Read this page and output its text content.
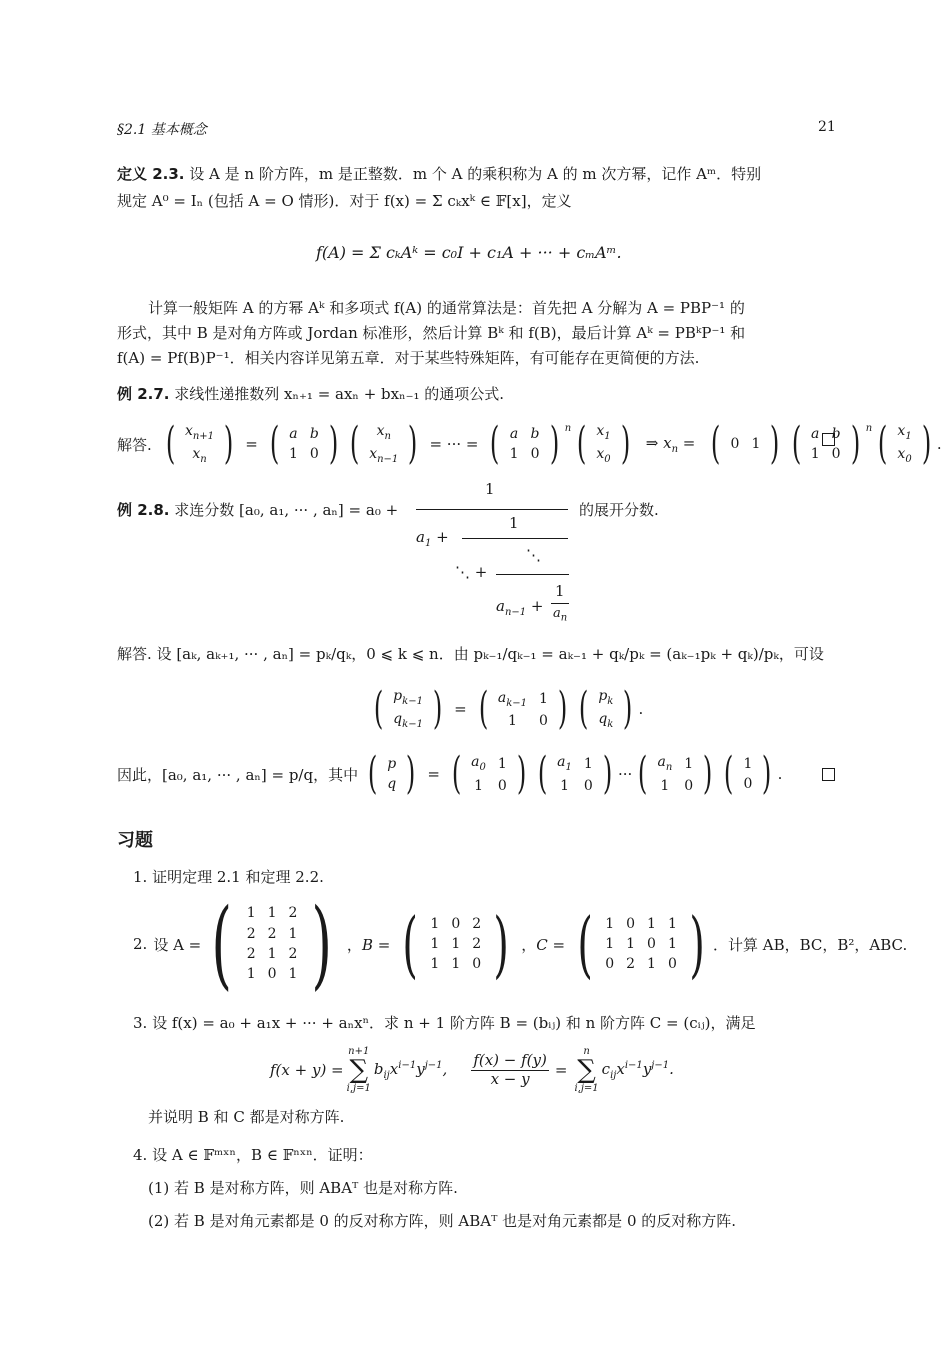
§2.1 基本概念	21
定义 2.3. 设 A 是 n 阶方阵，m 是正整数．m 个 A 的乘积称为 A 的 m 次方幂，记作 Aᵐ．特别
规定 A⁰ = Iₙ (包括 A = O 情形)．对于 f(x) = Σ cₖxᵏ ∈ 𝔽[x]，定义
f(A) = Σ cₖAᵏ = c₀I + c₁A + ··· + cₘAᵐ.
计算一般矩阵 A 的方幂 Aᵏ 和多项式 f(A) 的通常算法是：首先把 A 分解为 A = PBP⁻¹ 的
形式，其中 B 是对角方阵或 Jordan 标准形，然后计算 Bᵏ 和 f(B)，最后计算 Aᵏ = PBᵏP⁻¹ 和
f(A) = Pf(B)P⁻¹．相关内容详见第五章．对于某些特殊矩阵，有可能存在更简便的方法.
例 2.7. 求线性递推数列 xₙ₊₁ = axₙ + bxₙ₋₁ 的通项公式.
解答. ( $x_{n+1}$
$x_n$ ) = ( a	b
1	0 ) ( $x_n$
$x_{n-1}$ ) = ··· = ( a	b
1	0 ) $^n$ ( $x_1$
$x_0$ ) ⇒ $x_n$ = ( 0	1 ) ( a	b
1	0 ) $^n$ ( $x_1$
$x_0$ ) .
例 2.8. 求连分数 [a₀, a₁, ··· , aₙ] = a₀ +
1
的展开分数.
1
$a_1$ +
⋱
⋱ +
$a_{n-1}$ +
1
$a_n$
解答. 设 [aₖ, aₖ₊₁, ··· , aₙ] = pₖ/qₖ，0 ⩽ k ⩽ n．由 pₖ₋₁/qₖ₋₁ = aₖ₋₁ + qₖ/pₖ = (aₖ₋₁pₖ + qₖ)/pₖ，可设
( $p_{k-1}$
$q_{k-1}$ ) = ( $a_{k-1}$	1
1	0 ) ( $p_k$
$q_k$ ) .
因此，[a₀, a₁, ··· , aₙ] = p/q，其中 ( p
q ) = ( $a_0$	1
1	0 ) ( $a_1$	1
1	0 ) ··· ( $a_n$	1
1	0 ) ( 1
0 ) .
习题
1. 证明定理 2.1 和定理 2.2.
2. 设 A = ( 1	1	2
2	2	1
2	1	2
1	0	1 ) ，B = ( 1	0	2
1	1	2
1	1	0 ) ，C = ( 1	0	1	1
1	1	0	1
0	2	1	0 ) ．计算 AB，BC，B²，ABC.
3. 设 f(x) = a₀ + a₁x + ··· + aₙxⁿ．求 n + 1 阶方阵 B = (bᵢⱼ) 和 n 阶方阵 C = (cᵢⱼ)，满足
f(x + y) =
n+1
∑
i,j=1
$b_{ij}x^{i-1}y^{j-1}$, $\frac{f(x) - f(y)}{x - y}$ =
n
∑
i,j=1
$c_{ij}x^{i-1}y^{j-1}$.
并说明 B 和 C 都是对称方阵.
4. 设 A ∈ 𝔽ᵐˣⁿ，B ∈ 𝔽ⁿˣⁿ．证明：
(1) 若 B 是对称方阵，则 ABAᵀ 也是对称方阵.
(2) 若 B 是对角元素都是 0 的反对称方阵，则 ABAᵀ 也是对角元素都是 0 的反对称方阵.
